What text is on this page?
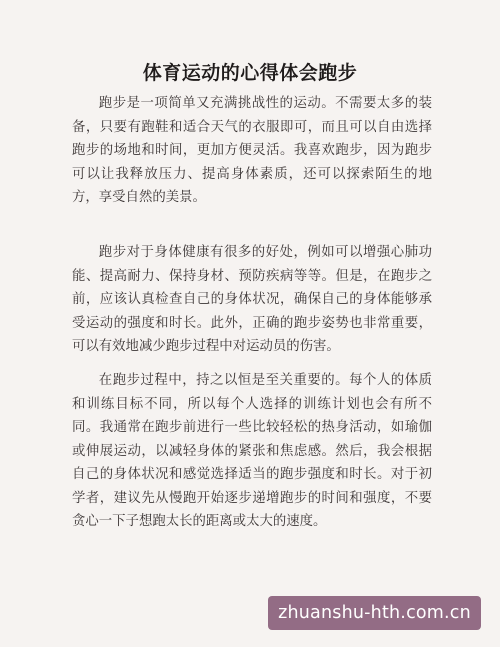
体育运动的心得体会跑步

跑步是一项简单又充满挑战性的运动。不需要太多的装备，只要有跑鞋和适合天气的衣服即可，而且可以自由选择跑步的场地和时间，更加方便灵活。我喜欢跑步，因为跑步可以让我释放压力、提高身体素质，还可以探索陌生的地方，享受自然的美景。

跑步对于身体健康有很多的好处，例如可以增强心肺功能、提高耐力、保持身材、预防疾病等等。但是，在跑步之前，应该认真检查自己的身体状况，确保自己的身体能够承受运动的强度和时长。此外，正确的跑步姿势也非常重要，可以有效地减少跑步过程中对运动员的伤害。

在跑步过程中，持之以恒是至关重要的。每个人的体质和训练目标不同，所以每个人选择的训练计划也会有所不同。我通常在跑步前进行一些比较轻松的热身活动，如瑜伽或伸展运动，以减轻身体的紧张和焦虑感。然后，我会根据自己的身体状况和感觉选择适当的跑步强度和时长。对于初学者，建议先从慢跑开始逐步递增跑步的时间和强度，不要贪心一下子想跑太长的距离或太大的速度。

zhuanshu-hth.com.cn
